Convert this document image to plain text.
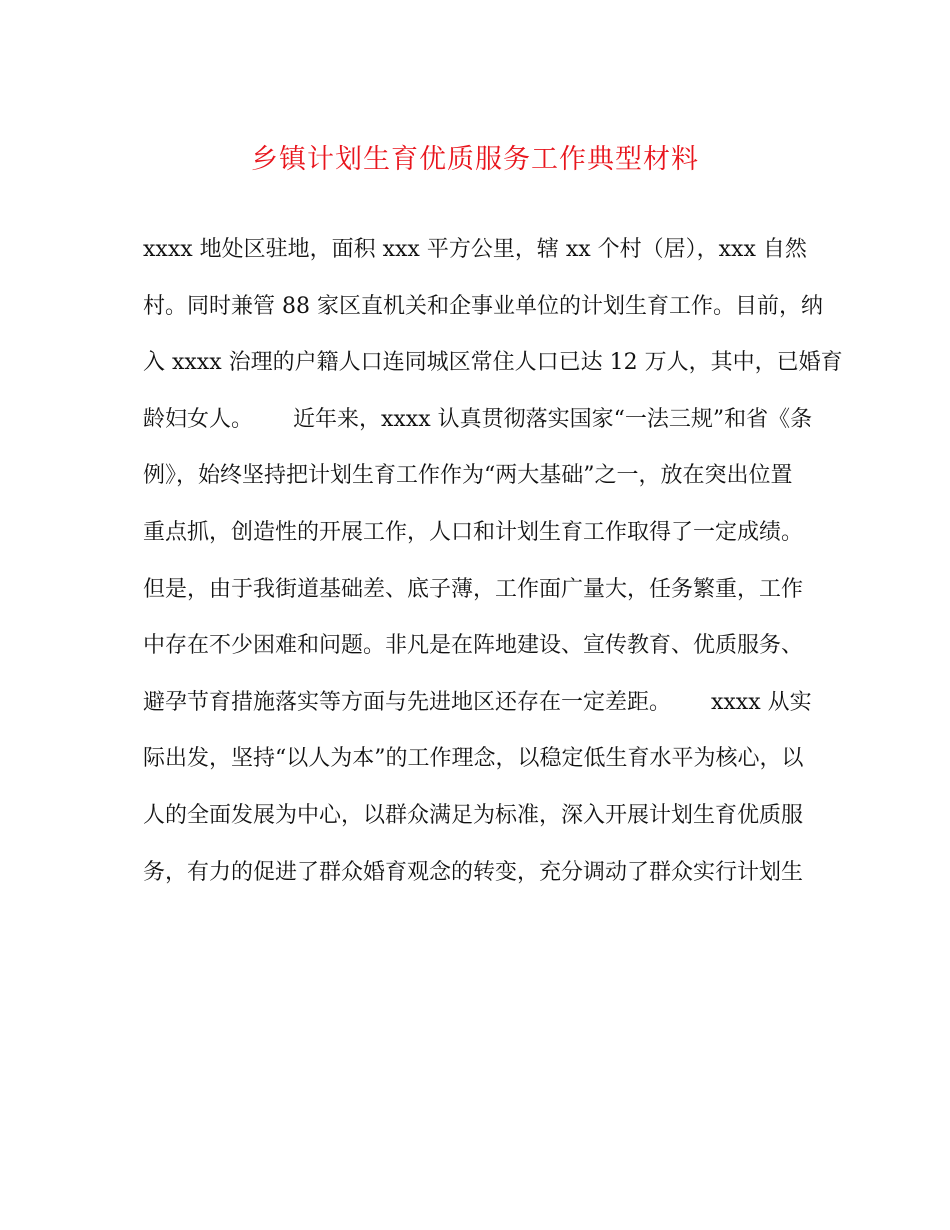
乡镇计划生育优质服务工作典型材料
xxxx 地处区驻地，面积 xxx 平方公里，辖 xx 个村（居），xxx 自然
村。同时兼管 88 家区直机关和企事业单位的计划生育工作。目前，纳
入 xxxx 治理的户籍人口连同城区常住人口已达 12 万人，其中，已婚育
龄妇女人。　　 近年来，xxxx 认真贯彻落实国家“一法三规”和省《条
例》，始终坚持把计划生育工作作为“两大基础”之一，放在突出位置
重点抓，创造性的开展工作，人口和计划生育工作取得了一定成绩。
但是，由于我街道基础差、底子薄，工作面广量大，任务繁重，工作
中存在不少困难和问题。非凡是在阵地建设、宣传教育、优质服务、
避孕节育措施落实等方面与先进地区还存在一定差距。　　 xxxx 从实
际出发，坚持“以人为本”的工作理念，以稳定低生育水平为核心，以
人的全面发展为中心，以群众满足为标准，深入开展计划生育优质服
务，有力的促进了群众婚育观念的转变，充分调动了群众实行计划生
